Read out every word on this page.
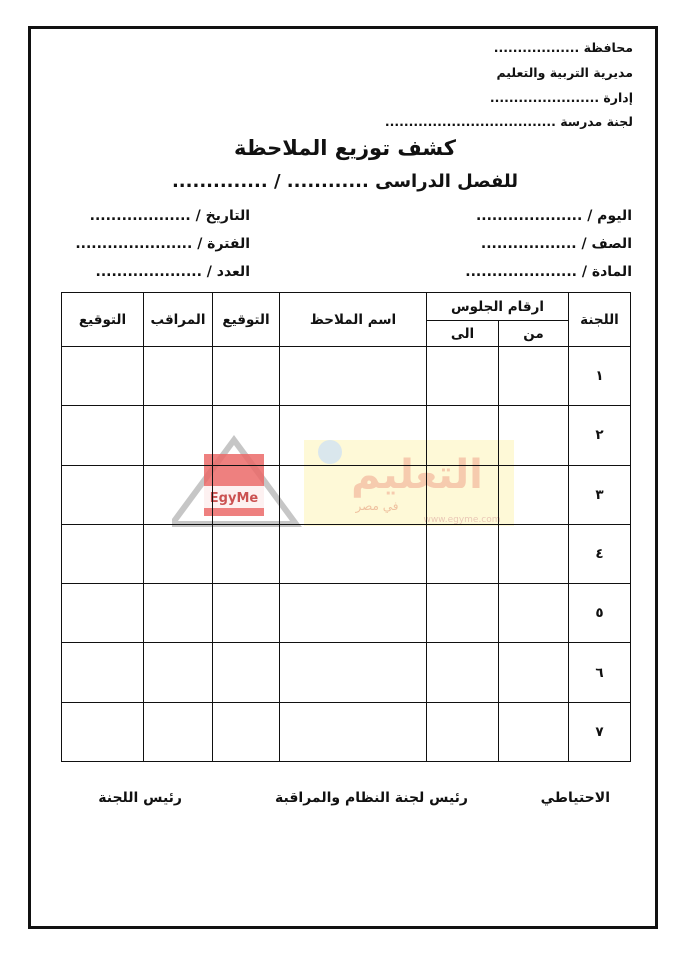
محافظة ..................
مديرية التربية والتعليم
إدارة .......................
لجنة مدرسة ....................................
كشف توزيع الملاحظة
للفصل الدراسى ............ / ..............
اليوم / ....................
الصف / ..................
المادة / .....................
التاريخ / ...................
الفترة / ......................
العدد / ....................
EgyMe
التعليم
في مصر
www.egyme.com
اللجنة	ارقام الجلوس		اسم الملاحظ	التوقيع	المراقب	التوقيع
	من	الى				
١						
٢						
٣						
٤						
٥						
٦						
٧						
الاحتياطي
رئيس لجنة النظام والمراقبة
رئيس اللجنة
